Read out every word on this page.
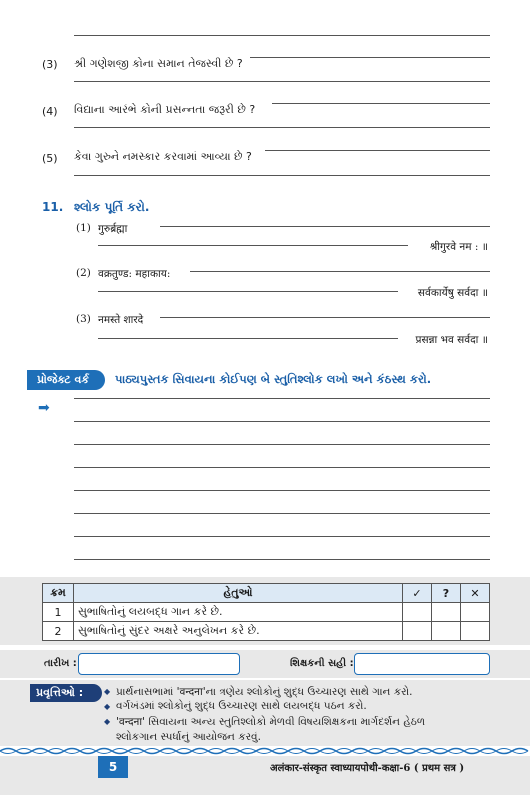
(3) શ્રી ગણેશજી કોના સમાન તેજસ્વી છે ?
(4) વિદ્યાના આરંભે કોની પ્રસન્નતા જરૂરી છે ?
(5) કેવા ગુરુને નમસ્કાર કરવામાં આવ્યા છે ?
11. શ્લોક પૂર્તિ કરો.
(1) गुरुर्ब्रह्मा
श्रीगुरवे नम : ॥
(2) वक्रतुण्ड: महाकाय:
सर्वकार्येषु सर्वदा ॥
(3) नमस्ते शारदे
प्रसन्ना भव सर्वदा ॥
પ્રોજેક્ટ વર્ક	પાઠ્યપુસ્તક સિવાયના કોઈપણ બે સ્તુતિશ્લોક લખો અને કંઠસ્થ કરો.
➡
ક્રમ	હેતુઓ	✓	?	✕
1	સુભાષિતોનું લયબદ્ધ ગાન કરે છે.			
2	સુભાષિતોનું સુંદર અક્ષરે અનુલેખન કરે છે.			
તારીખ :	શિક્ષકની સહી :
પ્રવૃત્તિઓ :	◆ પ્રાર્થનાસભામાં 'वन्दना'ના ત્રણેય શ્લોકોનું શુદ્ધ ઉચ્ચારણ સાથે ગાન કરો.
◆ વર્ગખંડમાં શ્લોકોનું શુદ્ધ ઉચ્ચારણ સાથે લયબદ્ધ પઠન કરો.
◆ 'वन्दना' સિવાયના અન્ય સ્તુતિશ્લોકો મેળવી વિષયશિક્ષકના માર્ગદર્શન હેઠળ
શ્લોકગાન સ્પર્ધાનું આયોજન કરવું.
5	अलंकार-संस्कृत स्वाध्यायपोथी-कक्षा-6 ( प्रथम सत्र )
